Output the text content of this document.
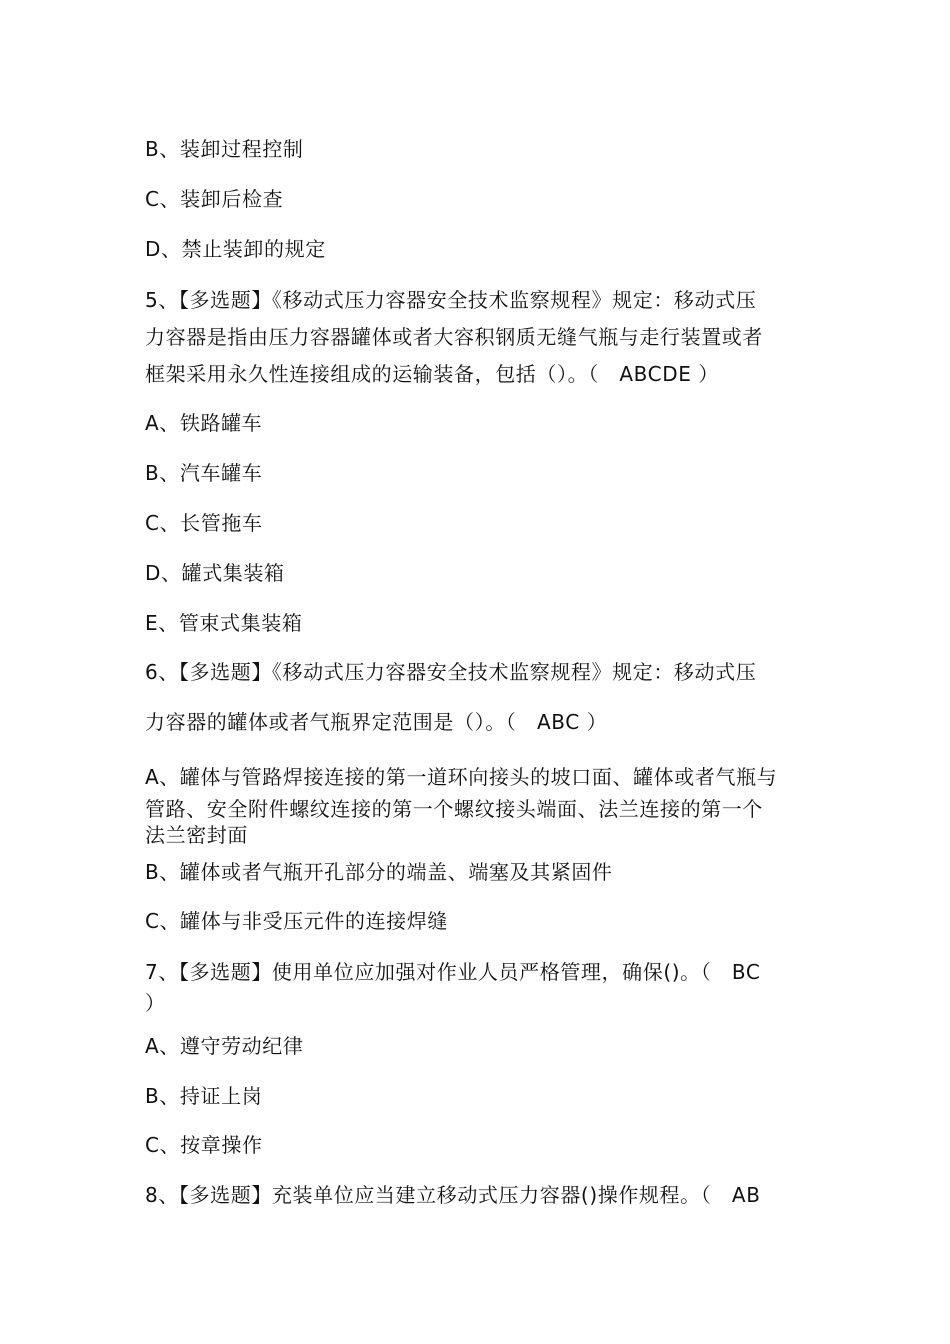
B、装卸过程控制
C、装卸后检查
D、禁止装卸的规定
5、【多选题】《移动式压力容器安全技术监察规程》规定：移动式压
力容器是指由压力容器罐体或者大容积钢质无缝气瓶与走行装置或者
框架采用永久性连接组成的运输装备，包括（）。（　ABCDE ）
A、铁路罐车
B、汽车罐车
C、长管拖车
D、罐式集装箱
E、管束式集装箱
6、【多选题】《移动式压力容器安全技术监察规程》规定：移动式压
力容器的罐体或者气瓶界定范围是（）。（　ABC ）
A、罐体与管路焊接连接的第一道环向接头的坡口面、罐体或者气瓶与
管路、安全附件螺纹连接的第一个螺纹接头端面、法兰连接的第一个
法兰密封面
B、罐体或者气瓶开孔部分的端盖、端塞及其紧固件
C、罐体与非受压元件的连接焊缝
7、【多选题】使用单位应加强对作业人员严格管理，确保()。（　BC
）
A、遵守劳动纪律
B、持证上岗
C、按章操作
8、【多选题】充装单位应当建立移动式压力容器()操作规程。（　AB
